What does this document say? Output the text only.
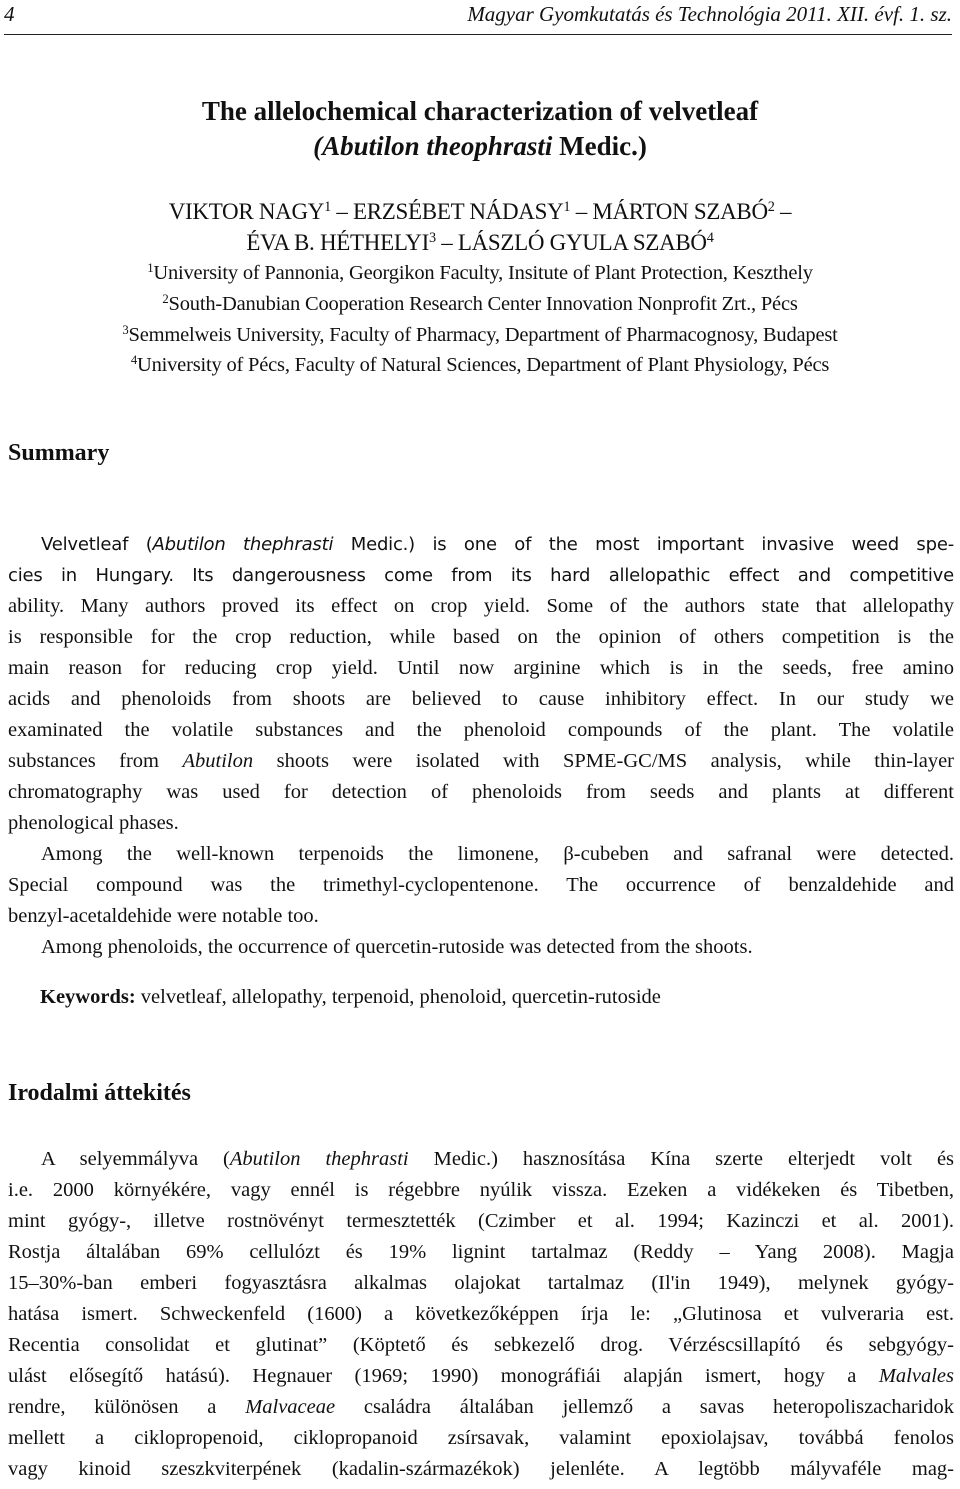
4	Magyar Gyomkutatás és Technológia 2011. XII. évf. 1. sz.
The allelochemical characterization of velvetleaf
(Abutilon theophrasti Medic.)
VIKTOR NAGY$^1$ – ERZSÉBET NÁDASY$^1$ – MÁRTON SZABÓ$^2$ –
ÉVA B. HÉTHELYI$^3$ – LÁSZLÓ GYULA SZABÓ$^4$
$^1$University of Pannonia, Georgikon Faculty, Insitute of Plant Protection, Keszthely
$^2$South-Danubian Cooperation Research Center Innovation Nonprofit Zrt., Pécs
$^3$Semmelweis University, Faculty of Pharmacy, Department of Pharmacognosy, Budapest
$^4$University of Pécs, Faculty of Natural Sciences, Department of Plant Physiology, Pécs
Summary
Velvetleaf (Abutilon thephrasti Medic.) is one of the most important invasive weed spe-
cies in Hungary. Its dangerousness come from its hard allelopathic effect and competitive
ability. Many authors proved its effect on crop yield. Some of the authors state that allelopathy
is responsible for the crop reduction, while based on the opinion of others competition is the
main reason for reducing crop yield. Until now arginine which is in the seeds, free amino
acids and phenoloids from shoots are believed to cause inhibitory effect. In our study we
examinated the volatile substances and the phenoloid compounds of the plant. The volatile
substances from Abutilon shoots were isolated with SPME-GC/MS analysis, while thin-layer
chromatography was used for detection of phenoloids from seeds and plants at different
phenological phases.
Among the well-known terpenoids the limonene, β-cubeben and safranal were detected.
Special compound was the trimethyl-cyclopentenone. The occurrence of benzaldehide and
benzyl-acetaldehide were notable too.
Among phenoloids, the occurrence of quercetin-rutoside was detected from the shoots.
Keywords: velvetleaf, allelopathy, terpenoid, phenoloid, quercetin-rutoside
Irodalmi áttekités
A selyemmályva (Abutilon thephrasti Medic.) hasznosítása Kína szerte elterjedt volt és
i.e. 2000 környékére, vagy ennél is régebbre nyúlik vissza. Ezeken a vidékeken és Tibetben,
mint gyógy-, illetve rostnövényt termesztették (Czimber et al. 1994; Kazinczi et al. 2001).
Rostja általában 69% cellulózt és 19% lignint tartalmaz (Reddy – Yang 2008). Magja
15–30%-ban emberi fogyasztásra alkalmas olajokat tartalmaz (Il'in 1949), melynek gyógy-
hatása ismert. Schweckenfeld (1600) a következőképpen írja le: „Glutinosa et vulveraria est.
Recentia consolidat et glutinat” (Köptető és sebkezelő drog. Vérzéscsillapító és sebgyógy-
ulást elősegítő hatású). Hegnauer (1969; 1990) monográfiái alapján ismert, hogy a Malvales
rendre, különösen a Malvaceae családra általában jellemző a savas heteropoliszacharidok
mellett a ciklopropenoid, ciklopropanoid zsírsavak, valamint epoxiolajsav, továbbá fenolos
vagy kinoid szeszkviterpének (kadalin-származékok) jelenléte. A legtöbb mályvaféle mag-
